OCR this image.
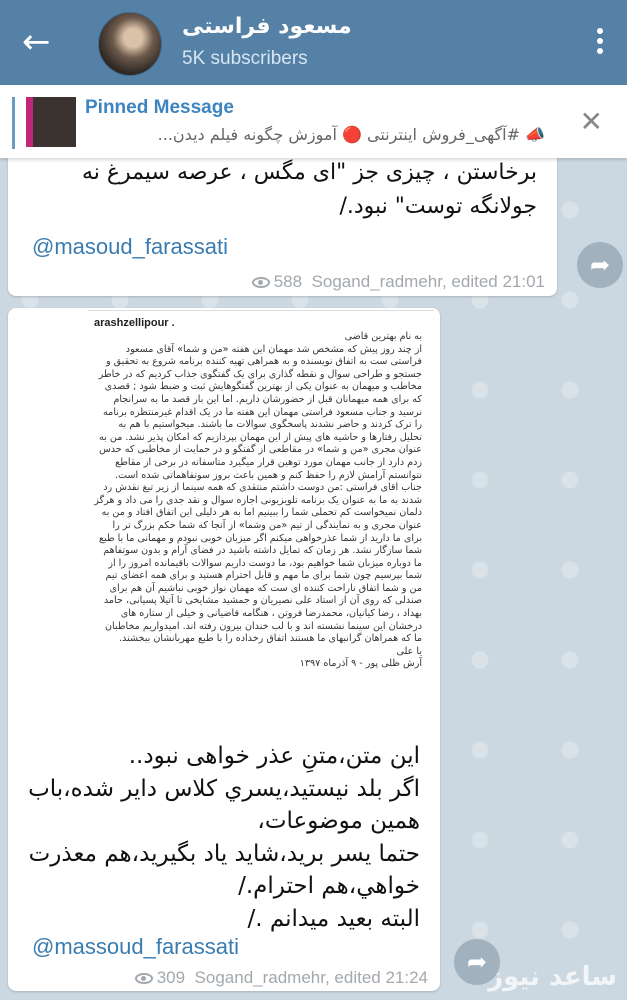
←	مسعود فراستی
5K subscribers
Pinned Message
📣 #آگهی_فروش اینترنتی 🔴 آموزش چگونه فیلم دیدن... ✕
برخاستن ، چیزی جز "ای مگس ، عرصه سیمرغ نه جولانگه توست" نبود./
@masoud_farassati
588 Sogand_radmehr, edited 21:01
➦
arashzellipour .

به نام بهترین قاضی

از چند روز پیش که مشخص شد مهمان این هفته «من و شما» آقای مسعود فراستی ست به اتفاق نویسنده و به همراهی تهیه کننده برنامه شروع به تحقیق و جستجو و طراحی سوال و نقطه گذاری برای یک گفتگوی جذاب کردیم که در خاطر مخاطب و میهمان به عنوان یکی از بهترین گفتگوهایش ثبت و ضبط شود ; قصدی که برای همه میهمانان قبل از حضورشان داریم. اما این بار قصد ما به سرانجام نرسید و جناب مسعود فراستی مهمان این هفته ما در یک اقدام غیرمنتظره برنامه را ترک کردند و حاضر نشدند پاسخگوی سوالات ما باشند. میخواستیم با هم به تحلیل رفتارها و حاشیه های پیش از این مهمان بپردازیم که امکان پذیر نشد. من به عنوان مجری «من و شما» در مقاطعی از گفتگو و در حمایت از مخاطبی که حدس زدم دارد از جانب مهمان مورد توهین قرار میگیرد متاسفانه در برخی از مقاطع نتوانستم آرامش لازم را حفظ کنم و همین باعث بروز سوتفاهماتی شده است.

جناب اقای فراستی :من دوست داشتم منتقدی که همه سینما از زیر تیغ نقدش رد شدند به ما به عنوان یک برنامه تلویزیونی اجازه سوال و نقد جدی را می داد و هرگز دلمان نمیخواست کم تحملی شما را ببینیم اما به هر دلیلی این اتفاق افتاد و من به عنوان مجری و به نمایندگی از تیم «من وشما» از آنجا که شما حکم بزرگ تر را برای ما دارید از شما عذرخواهی میکنم اگر میزبان خوبی نبودم و مهمانی ما با طبع شما سازگار نشد. هر زمان که تمایل داشته باشید در فضای آرام و بدون سوتفاهم ما دوباره میزبان شما خواهیم بود، ما دوست داریم سوالات باقیمانده امروز را از شما بپرسیم چون شما برای ما مهم و قابل احترام هستید و برای همه اعضای تیم من و شما اتفاق ناراحت کننده ای ست که مهمان نواز خوبی نباشیم آن هم برای صندلی که روی آن از استاد علی نصیریان و جمشید مشایخی تا آتیلا پسیانی، حامد بهداد ، رضا کیانیان، محمدرضا فروتن ، هنگامه قاضیانی و خیلی از ستاره های درخشان این سینما نشسته اند و با لب خندان بیرون رفته اند. امیدواریم مخاطبان ما که همراهان گرانبهای ما هستند اتفاق رخداده را با طبع مهربانشان ببخشند.

یا علی

آرش ظلی پور - ۹ آذرماه ۱۳۹۷

این متن،متنِ عذر خواهی نبود..
اگر بلد نیستید،یسري کلاس داير شده،باب همين موضوعات،
حتما يسر بريد،شايد ياد بگيريد،هم معذرت خواهي،هم احترام./
البته بعيد ميدانم ./
@massoud_farassati
309 Sogand_radmehr, edited 21:24
➦ ساعد نیوز
